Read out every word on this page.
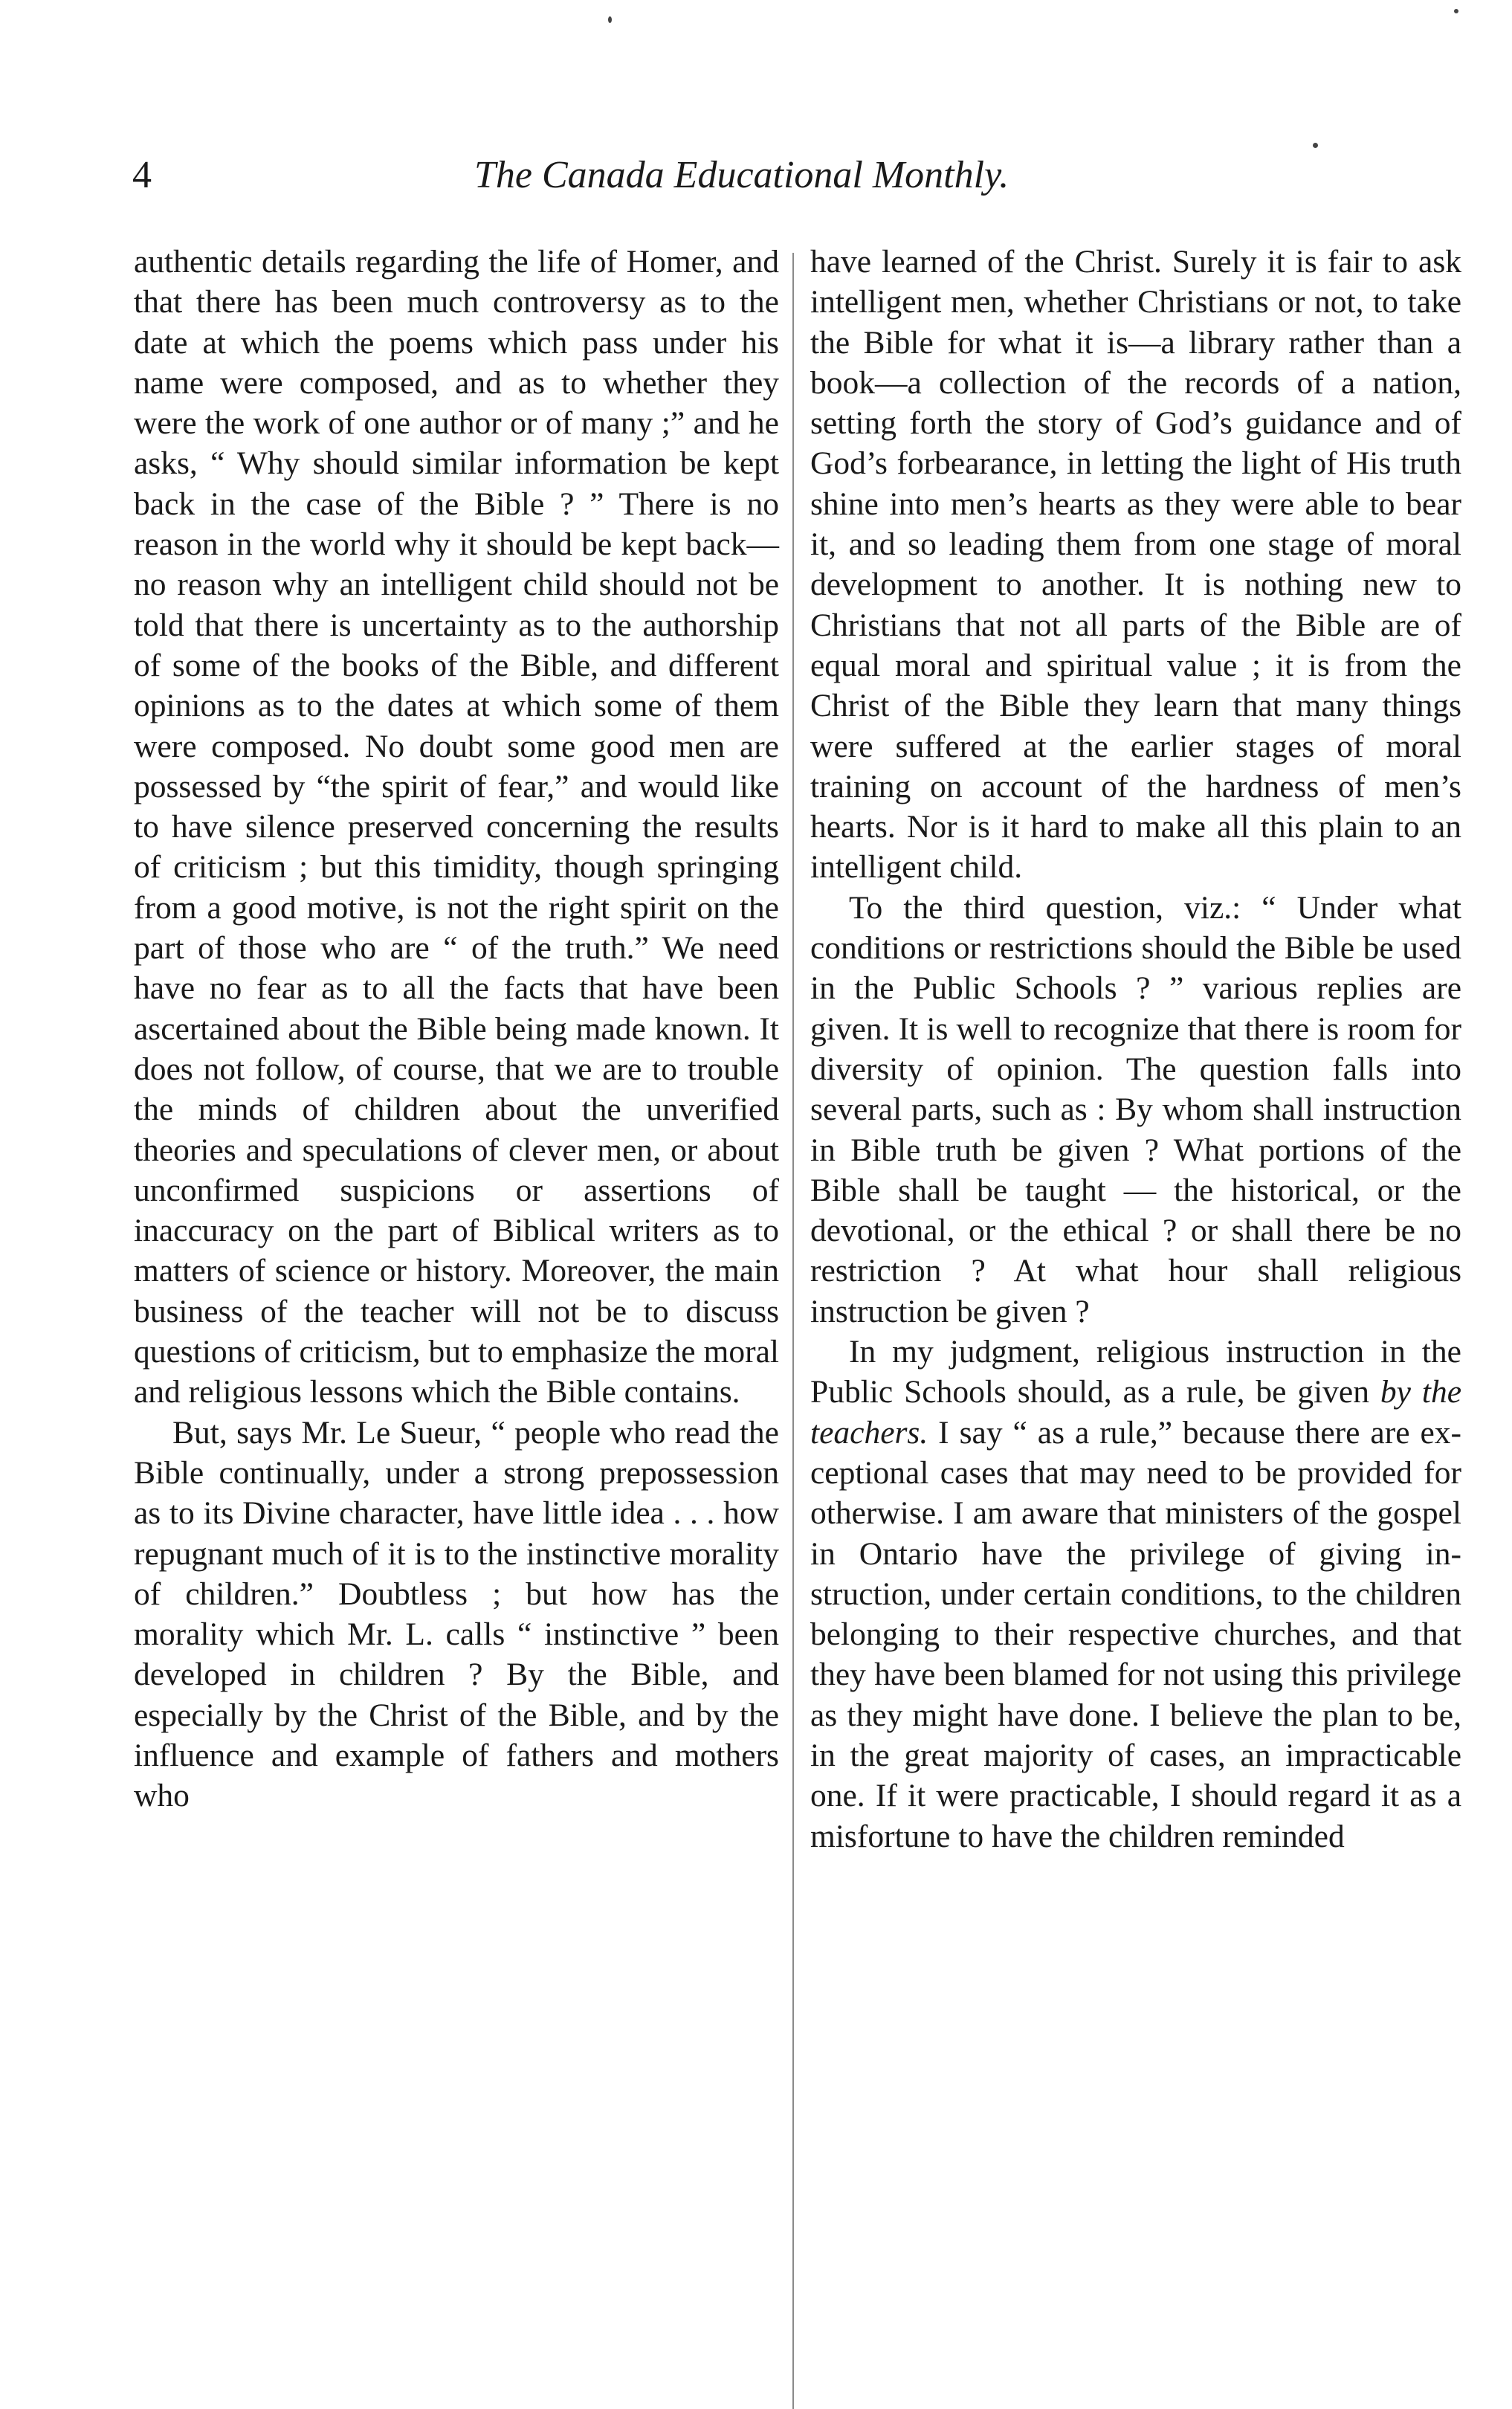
4	The Canada Educational Monthly.

authentic details regarding the life of Homer, and that there has been much controversy as to the date at which the poems which pass under his name were composed, and as to whether they were the work of one author or of many ;” and he asks, “ Why should similar information be kept back in the case of the Bible ? ” There is no reason in the world why it should be kept back—no reason why an intelligent child should not be told that there is uncertainty as to the authorship of some of the books of the Bible, and different opinions as to the dates at which some of them were composed. No doubt some good men are possessed by “the spirit of fear,” and would like to have silence preserved concerning the results of criticism ; but this timidity, though springing from a good motive, is not the right spirit on the part of those who are “ of the truth.” We need have no fear as to all the facts that have been ascertained about the Bible being made known. It does not follow, of course, that we are to trouble the minds of children about the unverified theories and speculations of clever men, or about unconfirmed suspicions or assertions of inaccuracy on the part of Biblical writers as to matters of science or history. Moreover, the main business of the teacher will not be to discuss questions of criticism, but to emphasize the moral and religious lessons which the Bible contains.

But, says Mr. Le Sueur, “ people who read the Bible continually, under a strong prepossession as to its Divine character, have little idea . . . how repugnant much of it is to the instinctive morality of children.” Doubtless ; but how has the morality which Mr. L. calls “ instinctive ” been developed in children ? By the Bible, and especially by the Christ of the Bible, and by the influence and example of fathers and mothers who

have learned of the Christ. Surely it is fair to ask intelligent men, whether Christians or not, to take the Bible for what it is—a library rather than a book—a collection of the records of a nation, setting forth the story of God’s guidance and of God’s forbearance, in letting the light of His truth shine into men’s hearts as they were able to bear it, and so leading them from one stage of moral development to another. It is nothing new to Christians that not all parts of the Bible are of equal moral and spiritual value ; it is from the Christ of the Bible they learn that many things were suffered at the earlier stages of moral training on account of the hardness of men’s hearts. Nor is it hard to make all this plain to an intelligent child.

To the third question, viz.: “ Under what conditions or restrictions should the Bible be used in the Public Schools ? ” various replies are given. It is well to recognize that there is room for diversity of opinion. The question falls into several parts, such as : By whom shall instruction in Bible truth be given ? What portions of the Bible shall be taught — the historical, or the devotional, or the ethical ? or shall there be no restriction ? At what hour shall religious instruction be given ?

In my judgment, religious instruction in the Public Schools should, as a rule, be given by the teachers. I say “ as a rule,” because there are exceptional cases that may need to be provided for otherwise. I am aware that ministers of the gospel in Ontario have the privilege of giving instruction, under certain conditions, to the children belonging to their respective churches, and that they have been blamed for not using this privilege as they might have done. I believe the plan to be, in the great majority of cases, an impracticable one. If it were practicable, I should regard it as a misfortune to have the children reminded
